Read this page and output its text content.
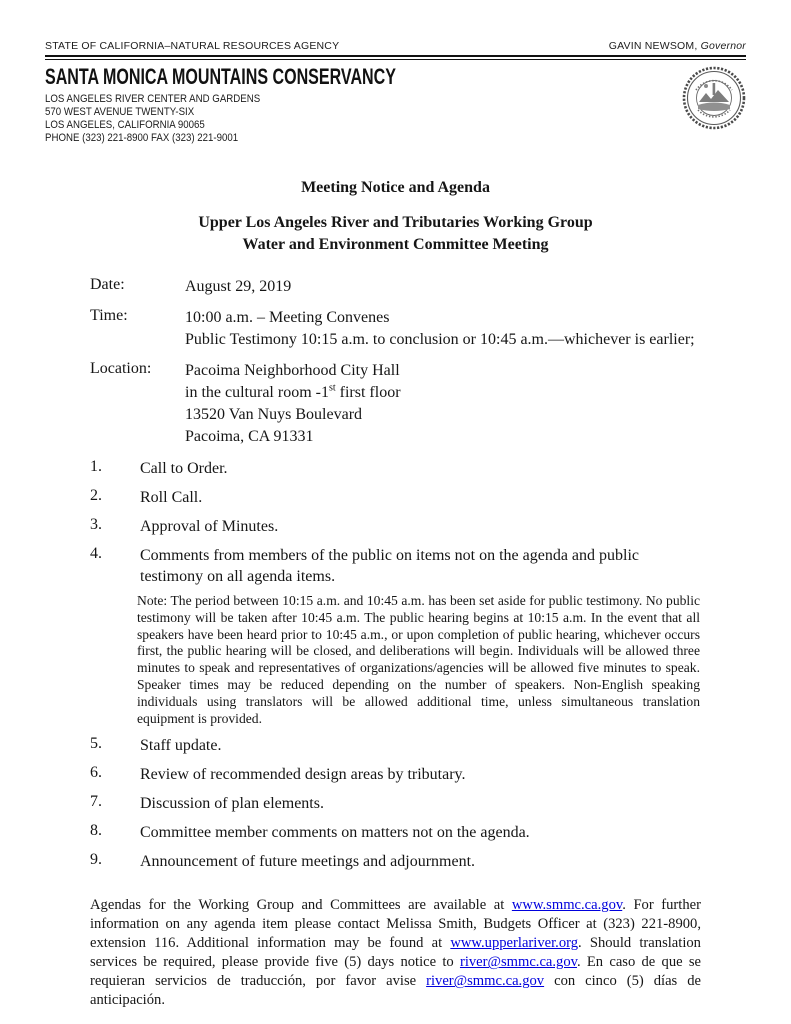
STATE OF CALIFORNIA–NATURAL RESOURCES AGENCY	GAVIN NEWSOM, Governor
SANTA MONICA MOUNTAINS CONSERVANCY
LOS ANGELES RIVER CENTER AND GARDENS
570 WEST AVENUE TWENTY-SIX
LOS ANGELES, CALIFORNIA 90065
PHONE (323) 221-8900 FAX (323) 221-9001
Meeting Notice and Agenda
Upper Los Angeles River and Tributaries Working Group
Water and Environment Committee Meeting
Date:	August 29, 2019
Time:	10:00 a.m. – Meeting Convenes
Public Testimony 10:15 a.m. to conclusion or 10:45 a.m.—whichever is earlier;
Location:	Pacoima Neighborhood City Hall
in the cultural room -1st first floor
13520 Van Nuys Boulevard
Pacoima, CA 91331
1.	Call to Order.
2.	Roll Call.
3.	Approval of Minutes.
4.	Comments from members of the public on items not on the agenda and public testimony on all agenda items.
Note: The period between 10:15 a.m. and 10:45 a.m. has been set aside for public testimony. No public testimony will be taken after 10:45 a.m. The public hearing begins at 10:15 a.m. In the event that all speakers have been heard prior to 10:45 a.m., or upon completion of public hearing, whichever occurs first, the public hearing will be closed, and deliberations will begin. Individuals will be allowed three minutes to speak and representatives of organizations/agencies will be allowed five minutes to speak. Speaker times may be reduced depending on the number of speakers. Non-English speaking individuals using translators will be allowed additional time, unless simultaneous translation equipment is provided.
5.	Staff update.
6.	Review of recommended design areas by tributary.
7.	Discussion of plan elements.
8.	Committee member comments on matters not on the agenda.
9.	Announcement of future meetings and adjournment.
Agendas for the Working Group and Committees are available at www.smmc.ca.gov. For further information on any agenda item please contact Melissa Smith, Budgets Officer at (323) 221-8900, extension 116. Additional information may be found at www.upperlariver.org. Should translation services be required, please provide five (5) days notice to river@smmc.ca.gov. En caso de que se requieran servicios de traducción, por favor avise river@smmc.ca.gov con cinco (5) días de anticipación.
